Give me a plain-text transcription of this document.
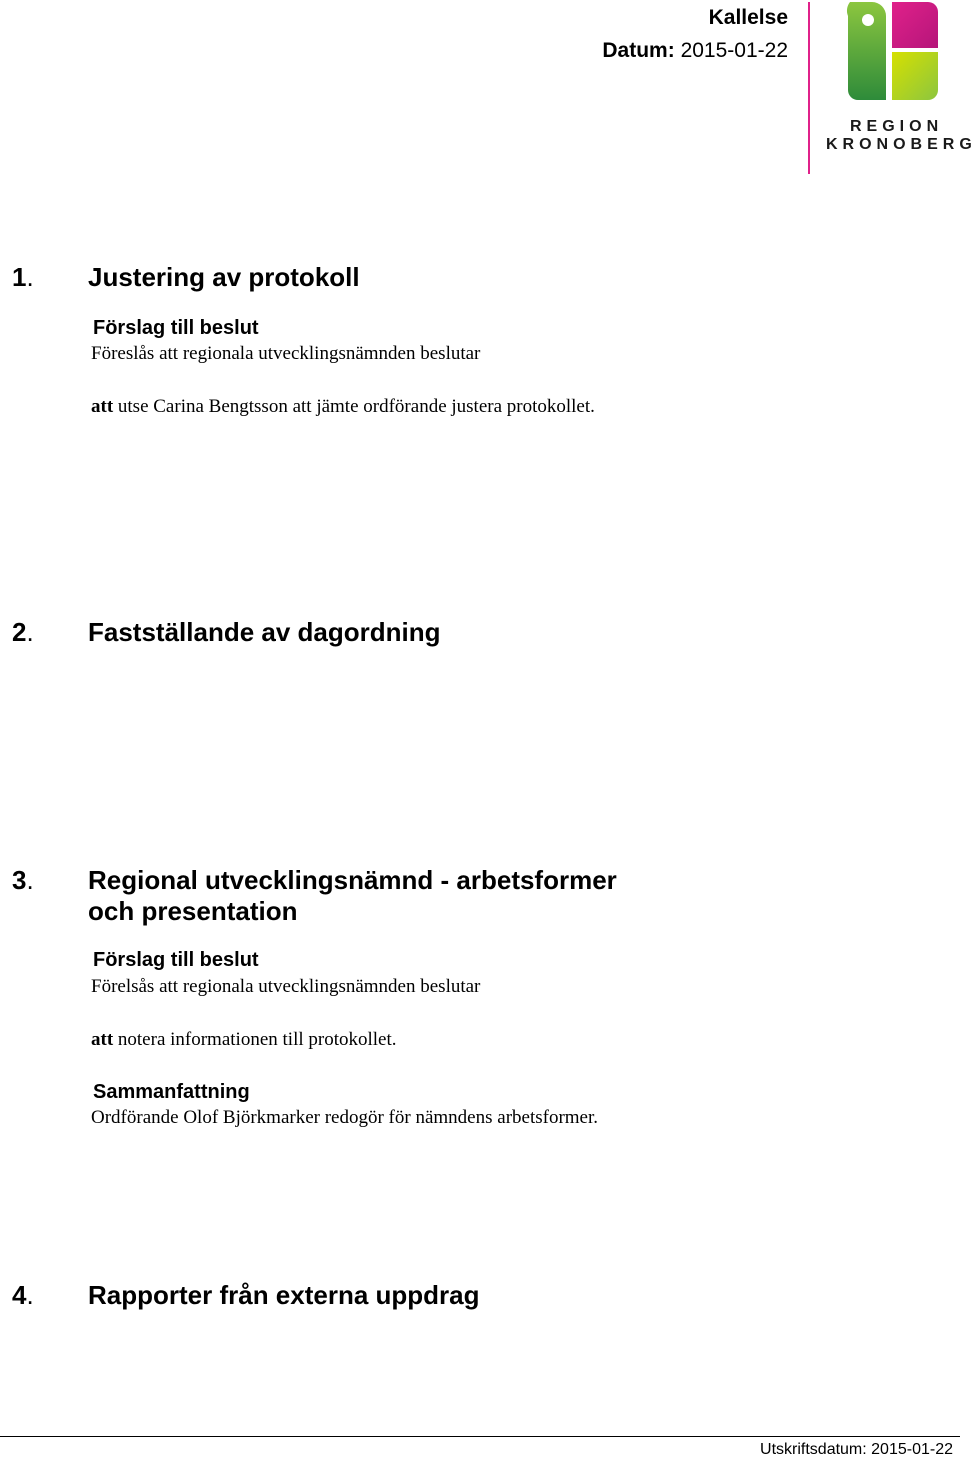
Kallelse
Datum: 2015-01-22
REGION
KRONOBERG
1. Justering av protokoll
Förslag till beslut
Föreslås att regionala utvecklingsnämnden beslutar
att utse Carina Bengtsson att jämte ordförande justera protokollet.
2. Fastställande av dagordning
3. Regional utvecklingsnämnd - arbetsformer
och presentation
Förslag till beslut
Förelsås att regionala utvecklingsnämnden beslutar
att notera informationen till protokollet.
Sammanfattning
Ordförande Olof Björkmarker redogör för nämndens arbetsformer.
4. Rapporter från externa uppdrag
Utskriftsdatum: 2015-01-22
